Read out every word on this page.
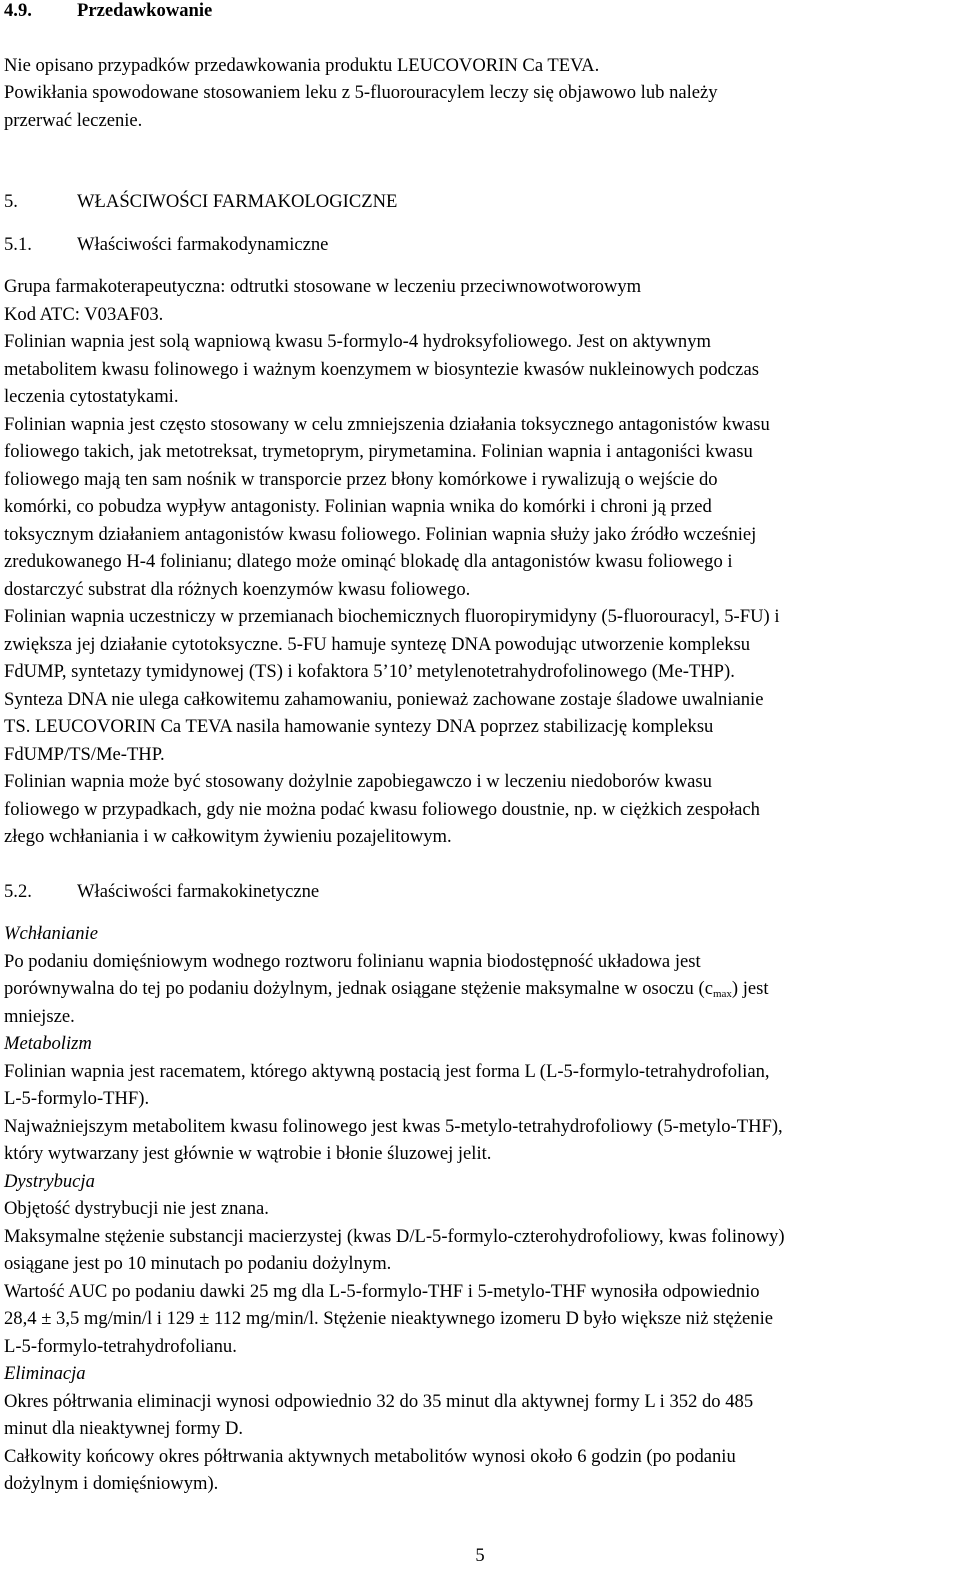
4.9. Przedawkowanie
Nie opisano przypadków przedawkowania produktu LEUCOVORIN Ca TEVA.
Powikłania spowodowane stosowaniem leku z 5-fluorouracylem leczy się objawowo lub należy
przerwać leczenie.
5.	WŁAŚCIWOŚCI FARMAKOLOGICZNE
5.1. Właściwości farmakodynamiczne
Grupa farmakoterapeutyczna: odtrutki stosowane w leczeniu przeciwnowotworowym
Kod ATC: V03AF03.
Folinian wapnia jest solą wapniową kwasu 5-formylo-4 hydroksyfoliowego. Jest on aktywnym
metabolitem kwasu folinowego i ważnym koenzymem w biosyntezie kwasów nukleinowych podczas
leczenia cytostatykami.
Folinian wapnia jest często stosowany w celu zmniejszenia działania toksycznego antagonistów kwasu
foliowego takich, jak metotreksat, trymetoprym, pirymetamina. Folinian wapnia i antagoniści kwasu
foliowego mają ten sam nośnik w transporcie przez błony komórkowe i rywalizują o wejście do
komórki, co pobudza wypływ antagonisty. Folinian wapnia wnika do komórki i chroni ją przed
toksycznym działaniem antagonistów kwasu foliowego. Folinian wapnia służy jako źródło wcześniej
zredukowanego H-4 folinianu; dlatego może ominąć blokadę dla antagonistów kwasu foliowego i
dostarczyć substrat dla różnych koenzymów kwasu foliowego.
Folinian wapnia uczestniczy w przemianach biochemicznych fluoropirymidyny (5-fluorouracyl, 5-FU) i
zwiększa jej działanie cytotoksyczne. 5-FU hamuje syntezę DNA powodując utworzenie kompleksu
FdUMP, syntetazy tymidynowej (TS) i kofaktora 5’10’ metylenotetrahydrofolinowego (Me-THP).
Synteza DNA nie ulega całkowitemu zahamowaniu, ponieważ zachowane zostaje śladowe uwalnianie
TS. LEUCOVORIN Ca TEVA nasila hamowanie syntezy DNA poprzez stabilizację kompleksu
FdUMP/TS/Me-THP.
Folinian wapnia może być stosowany dożylnie zapobiegawczo i w leczeniu niedoborów kwasu
foliowego w przypadkach, gdy nie można podać kwasu foliowego doustnie, np. w ciężkich zespołach
złego wchłaniania i w całkowitym żywieniu pozajelitowym.
5.2. Właściwości farmakokinetyczne
Wchłanianie
Po podaniu domięśniowym wodnego roztworu folinianu wapnia biodostępność układowa jest
porównywalna do tej po podaniu dożylnym, jednak osiągane stężenie maksymalne w osoczu $(c_{max})$ jest
mniejsze.
Metabolizm
Folinian wapnia jest racematem, którego aktywną postacią jest forma L (L-5-formylo-tetrahydrofolian,
L-5-formylo-THF).
Najważniejszym metabolitem kwasu folinowego jest kwas 5-metylo-tetrahydrofoliowy (5-metylo-THF),
który wytwarzany jest głównie w wątrobie i błonie śluzowej jelit.
Dystrybucja
Objętość dystrybucji nie jest znana.
Maksymalne stężenie substancji macierzystej (kwas D/L-5-formylo-czterohydrofoliowy, kwas folinowy)
osiągane jest po 10 minutach po podaniu dożylnym.
Wartość AUC po podaniu dawki 25 mg dla L-5-formylo-THF i 5-metylo-THF wynosiła odpowiednio
28,4 ± 3,5 mg/min/l i 129 ± 112 mg/min/l. Stężenie nieaktywnego izomeru D było większe niż stężenie
L-5-formylo-tetrahydrofolianu.
Eliminacja
Okres półtrwania eliminacji wynosi odpowiednio 32 do 35 minut dla aktywnej formy L i 352 do 485
minut dla nieaktywnej formy D.
Całkowity końcowy okres półtrwania aktywnych metabolitów wynosi około 6 godzin (po podaniu
dożylnym i domięśniowym).
5
